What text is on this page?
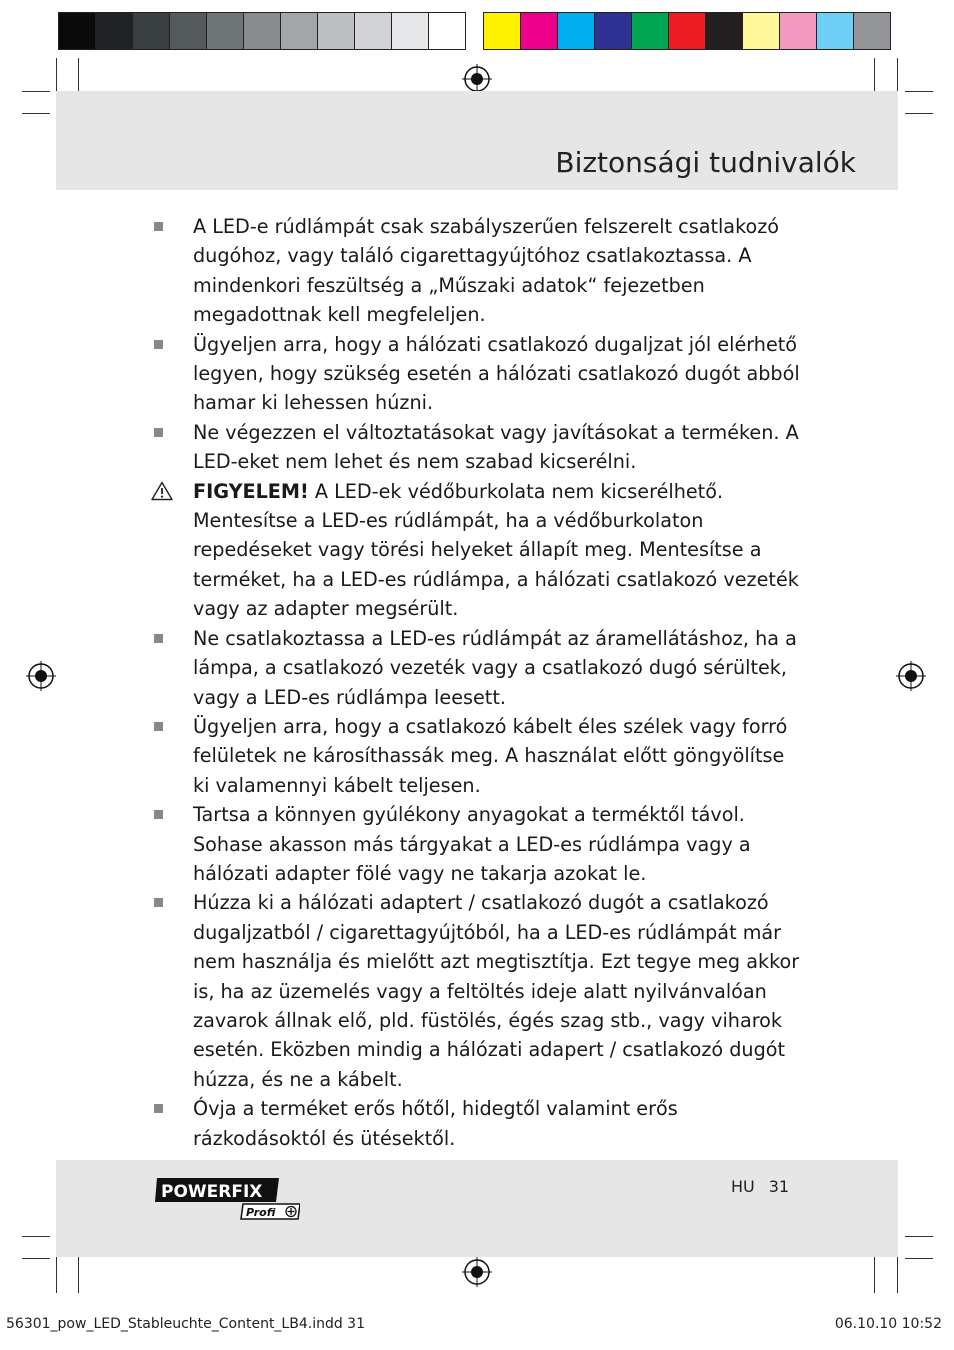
Biztonsági tudnivalók

A LED-e rúdlámpát csak szabályszerűen felszerelt csatlakozó dugóhoz, vagy találó cigarettagyújtóhoz csatlakoztassa. A mindenkori feszültség a „Műszaki adatok“ fejezetben megadottnak kell megfeleljen.

Ügyeljen arra, hogy a hálózati csatlakozó dugaljzat jól elérhető legyen, hogy szükség esetén a hálózati csatlakozó dugót abból hamar ki lehessen húzni.

Ne végezzen el változtatásokat vagy javításokat a terméken. A LED-eket nem lehet és nem szabad kicserélni.

FIGYELEM! A LED-ek védőburkolata nem kicserélhető. Mentesítse a LED-es rúdlámpát, ha a védőburkolaton repedéseket vagy törési helyeket állapít meg. Mentesítse a terméket, ha a LED-es rúdlámpa, a hálózati csatlakozó vezeték vagy az adapter megsérült.

Ne csatlakoztassa a LED-es rúdlámpát az áramellátáshoz, ha a lámpa, a csatlakozó vezeték vagy a csatlakozó dugó sérültek, vagy a LED-es rúdlámpa leesett.

Ügyeljen arra, hogy a csatlakozó kábelt éles szélek vagy forró felületek ne károsíthassák meg. A használat előtt göngyölítse ki valamennyi kábelt teljesen.

Tartsa a könnyen gyúlékony anyagokat a terméktől távol. Sohase akasson más tárgyakat a LED-es rúdlámpa vagy a hálózati adapter fölé vagy ne takarja azokat le.

Húzza ki a hálózati adaptert / csatlakozó dugót a csatlakozó dugaljzatból / cigarettagyújtóból, ha a LED-es rúdlámpát már nem használja és mielőtt azt megtisztítja. Ezt tegye meg akkor is, ha az üzemelés vagy a feltöltés ideje alatt nyilvánvalóan zavarok állnak elő, pld. füstölés, égés szag stb., vagy viharok esetén. Eközben mindig a hálózati adapert / csatlakozó dugót húzza, és ne a kábelt.

Óvja a terméket erős hőtől, hidegtől valamint erős rázkodásoktól és ütésektől.

POWERFIX
Profi
HU 31
56301_pow_LED_Stableuchte_Content_LB4.indd 31	06.10.10 10:52
